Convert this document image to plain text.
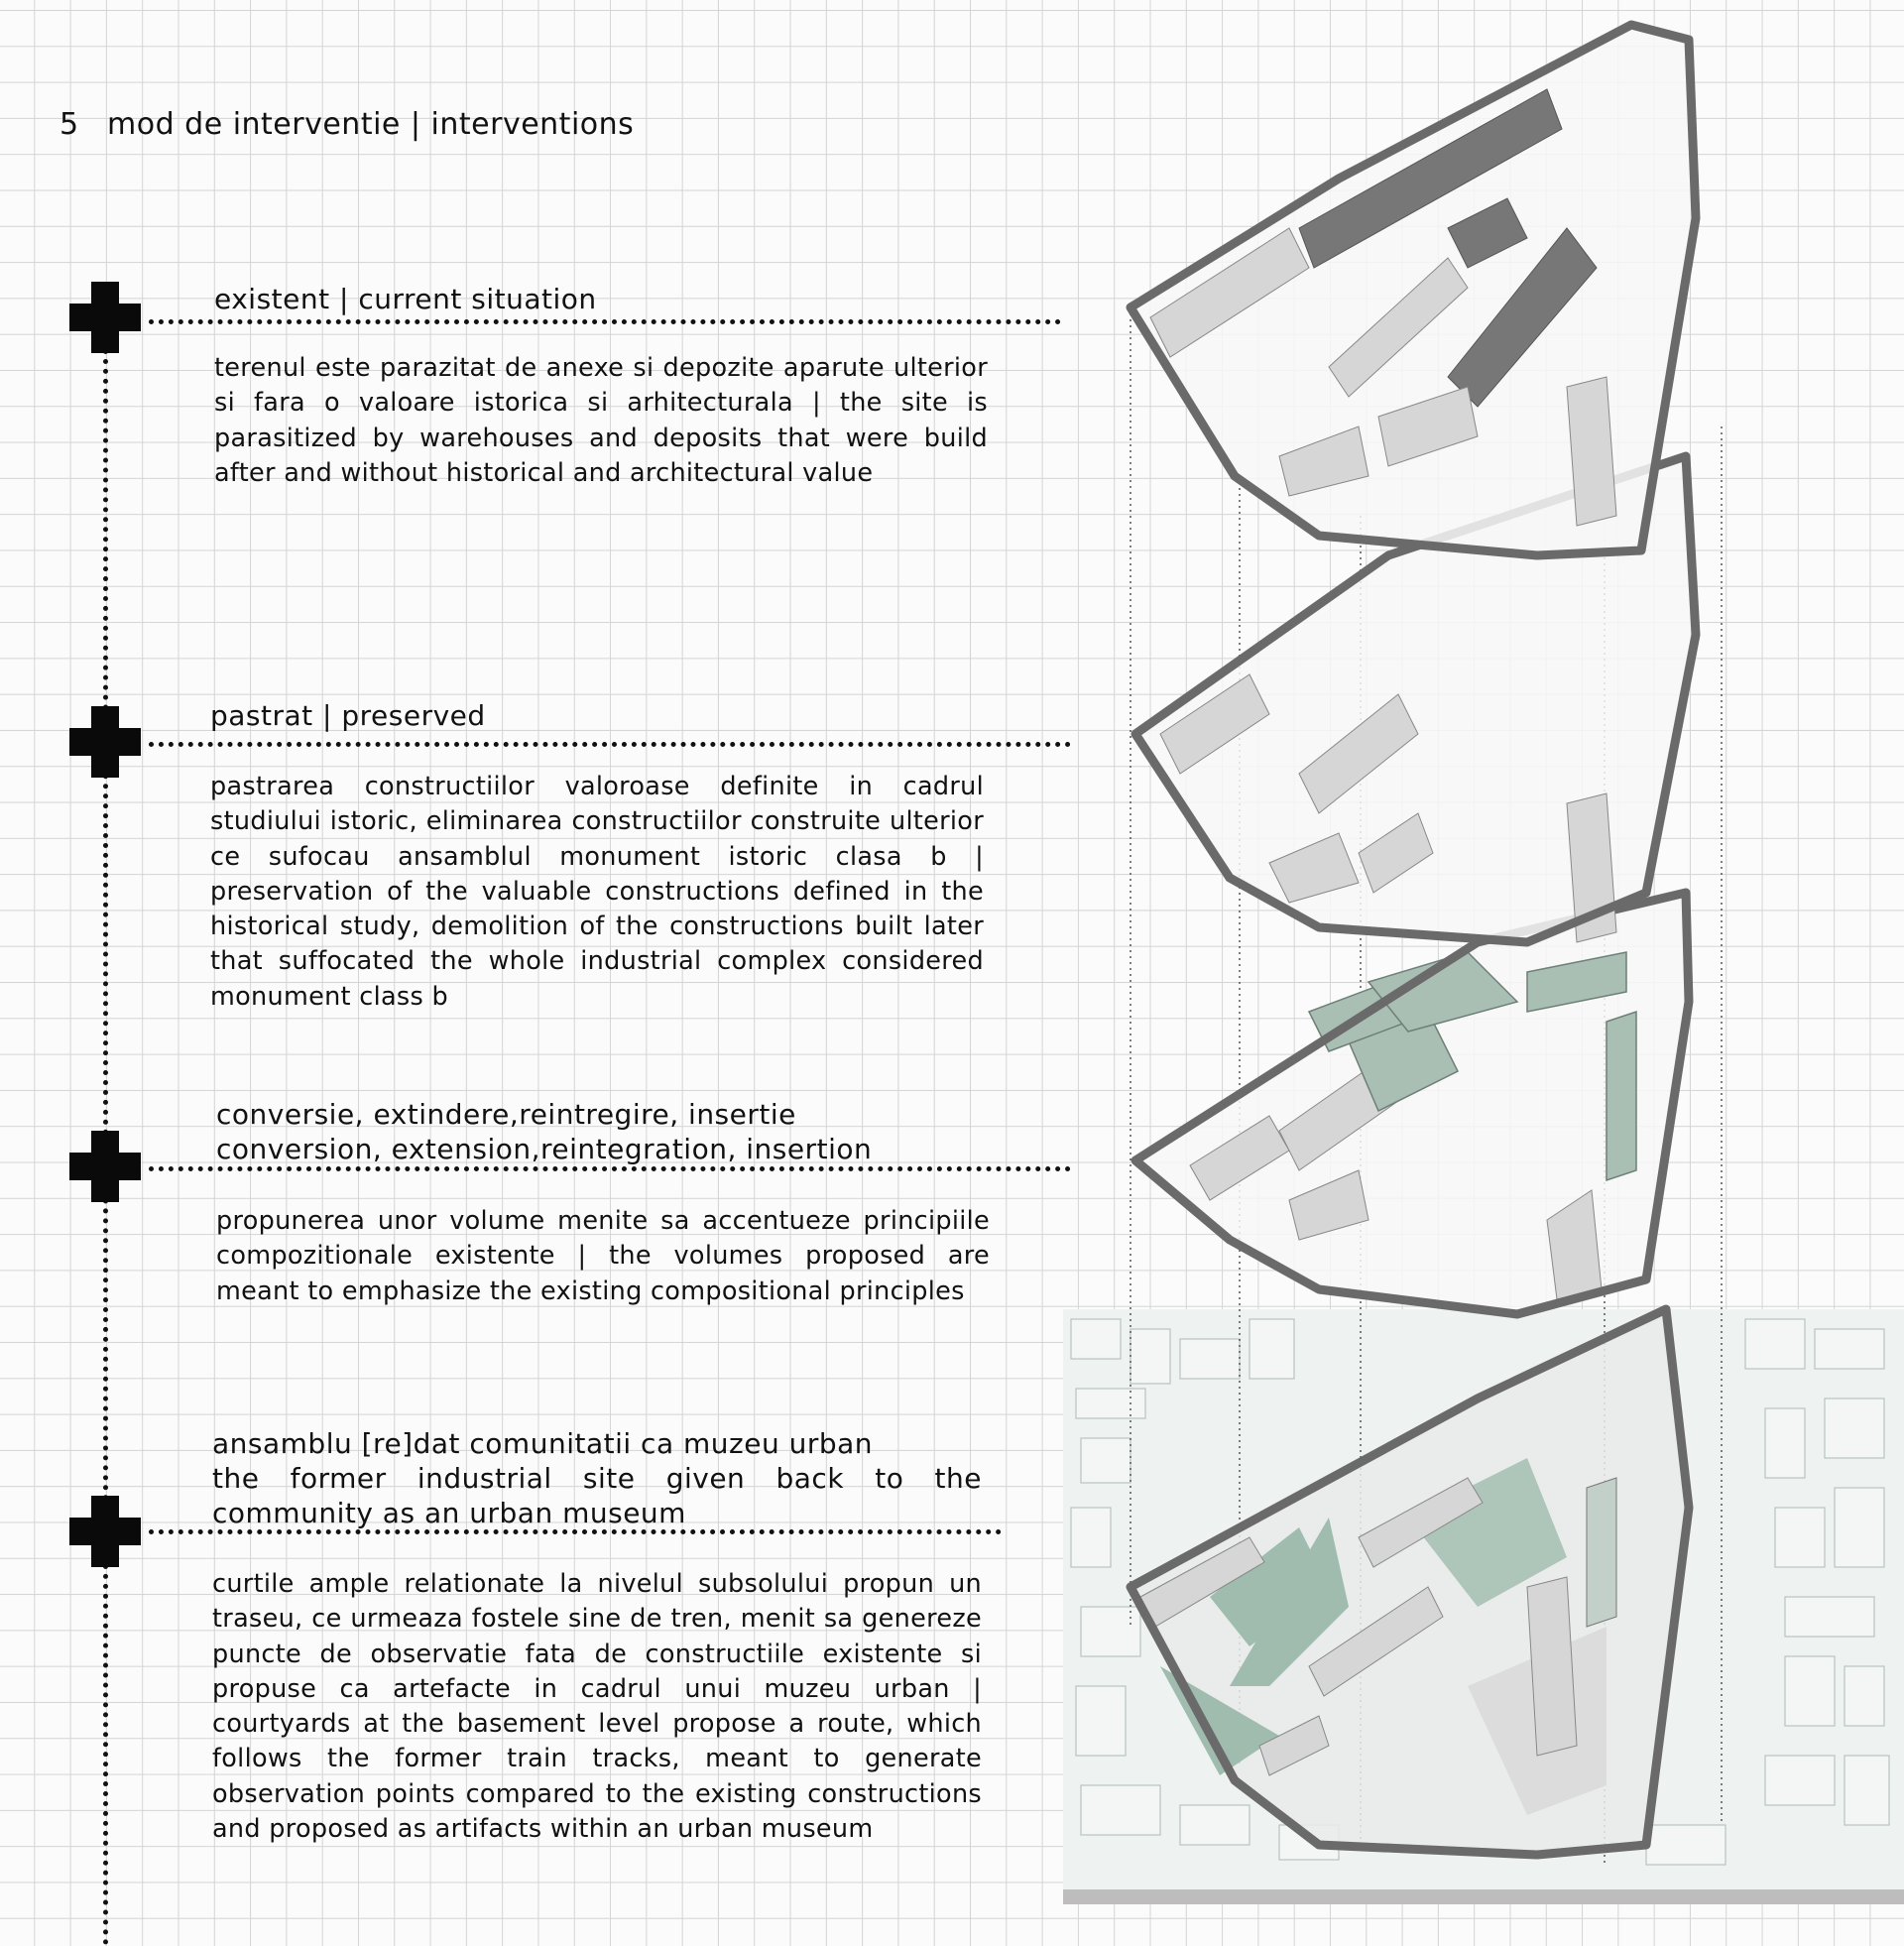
5 mod de interventie | interventions
existent | current situation
terenul este parazitat de anexe si depozite aparute ulterior si fara o valoare istorica si arhitecturala | the site is parasitized by warehouses and deposits that were build after and without historical and architectural value
pastrat | preserved
pastrarea constructiilor valoroase definite in cadrul studiului istoric, eliminarea constructiilor construite ulterior ce sufocau ansamblul monument istoric clasa b | preservation of the valuable constructions defined in the historical study, demolition of the constructions built later that suffocated the whole industrial complex considered monument class b
conversie, extindere,reintregire, insertie
conversion, extension,reintegration, insertion
propunerea unor volume menite sa accentueze principiile compozitionale existente | the volumes proposed are meant to emphasize the existing compositional principles
ansamblu [re]dat comunitatii ca muzeu urban
the former industrial site given back to the community as an urban museum
curtile ample relationate la nivelul subsolului propun un traseu, ce urmeaza fostele sine de tren, menit sa genereze puncte de observatie fata de constructiile existente si propuse ca artefacte in cadrul unui muzeu urban | courtyards at the basement level propose a route, which follows the former train tracks, meant to generate observation points compared to the existing constructions and proposed as artifacts within an urban museum
